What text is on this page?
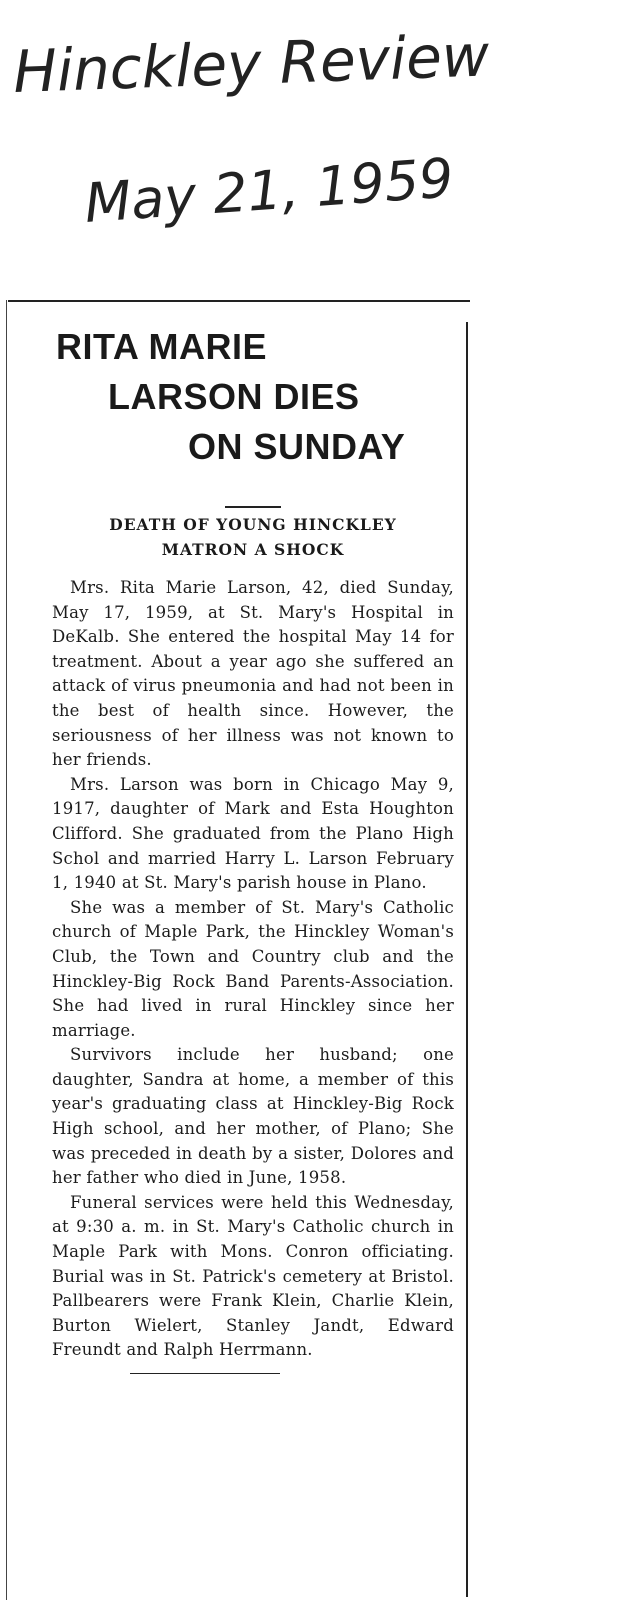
Hinckley Review
May 21, 1959
RITA MARIE
LARSON DIES
ON SUNDAY
DEATH OF YOUNG HINCKLEY
MATRON A SHOCK

Mrs. Rita Marie Larson, 42, died Sunday, May 17, 1959, at St. Mary's Hospital in DeKalb. She entered the hospital May 14 for treatment. About a year ago she suffered an attack of virus pneumonia and had not been in the best of health since. However, the seriousness of her illness was not known to her friends.

Mrs. Larson was born in Chicago May 9, 1917, daughter of Mark and Esta Houghton Clifford. She graduated from the Plano High Schol and married Harry L. Larson February 1, 1940 at St. Mary's parish house in Plano.

She was a member of St. Mary's Catholic church of Maple Park, the Hinckley Woman's Club, the Town and Country club and the Hinckley-Big Rock Band Parents-Association. She had lived in rural Hinckley since her marriage.

Survivors include her husband; one daughter, Sandra at home, a member of this year's graduating class at Hinckley-Big Rock High school, and her mother, of Plano; She was preceded in death by a sister, Dolores and her father who died in June, 1958.

Funeral services were held this Wednesday, at 9:30 a. m. in St. Mary's Catholic church in Maple Park with Mons. Conron officiating. Burial was in St. Patrick's cemetery at Bristol. Pallbearers were Frank Klein, Charlie Klein, Burton Wielert, Stanley Jandt, Edward Freundt and Ralph Herrmann.
